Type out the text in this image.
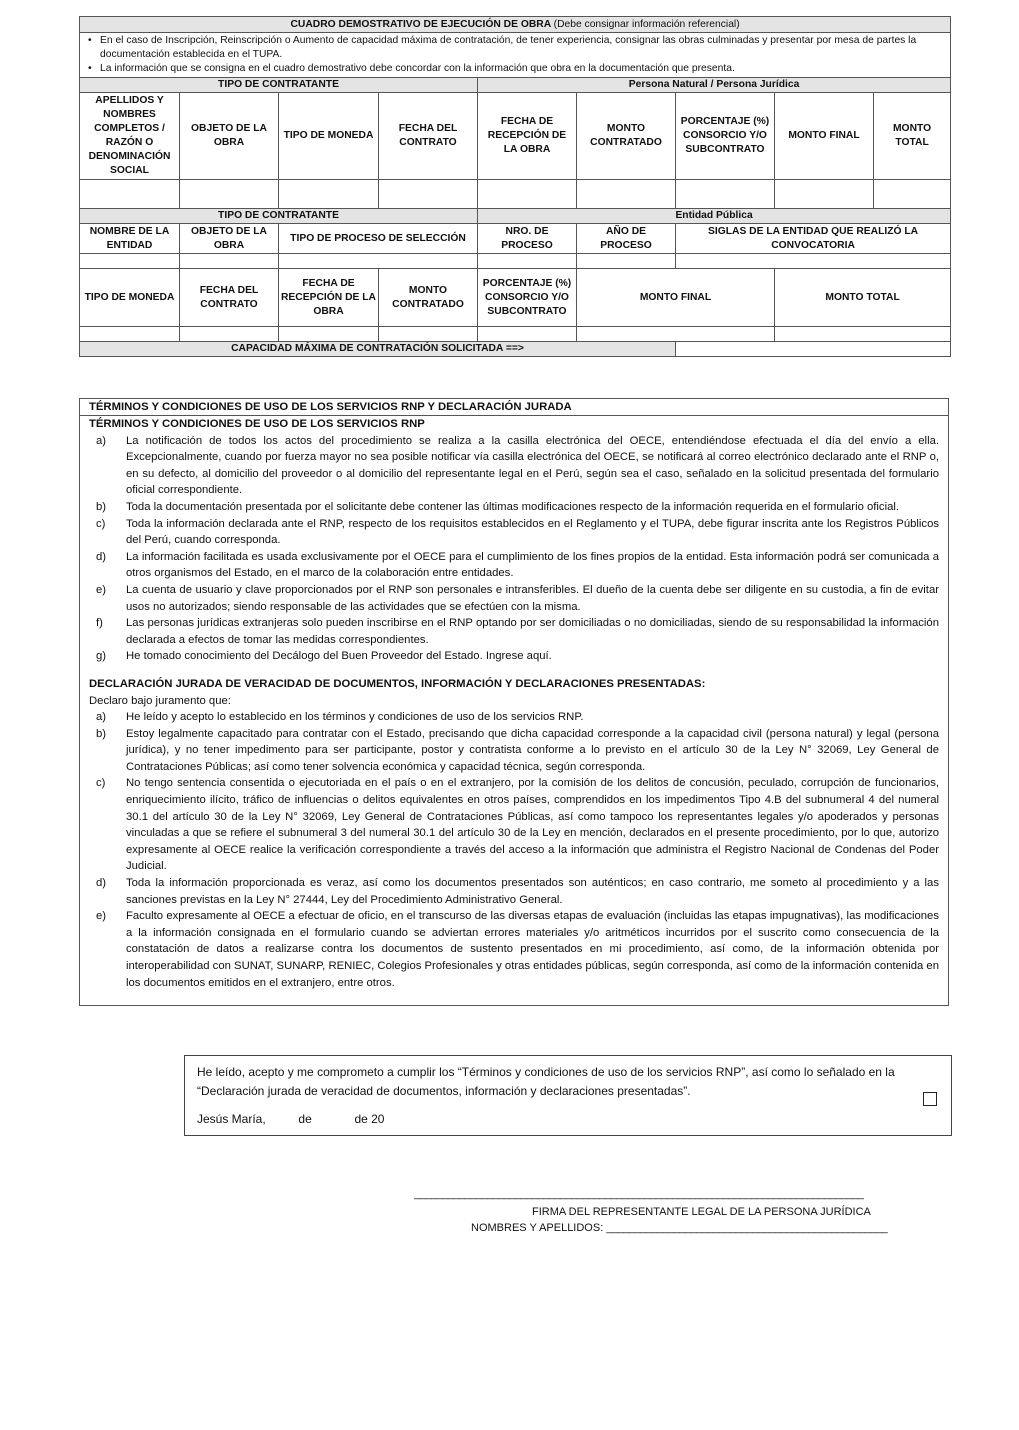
CUADRO DEMOSTRATIVO DE EJECUCIÓN DE OBRA (Debe consignar información referencial)								

• En el caso de Inscripción, Reinscripción o Aumento de capacidad máxima de contratación, de tener experiencia, consignar las obras culminadas y presentar por mesa de partes la documentación establecida en el TUPA.
• La información que se consigna en el cuadro demostrativo debe concordar con la información que obra en la documentación que presenta.								

TIPO DE CONTRATANTE				Persona Natural / Persona Jurídica				
APELLIDOS Y NOMBRES COMPLETOS / RAZÓN O DENOMINACIÓN SOCIAL	OBJETO DE LA OBRA	TIPO DE MONEDA	FECHA DEL CONTRATO	FECHA DE RECEPCIÓN DE LA OBRA	MONTO CONTRATADO	PORCENTAJE (%) CONSORCIO Y/O SUBCONTRATO	MONTO FINAL	MONTO TOTAL

TIPO DE CONTRATANTE				Entidad Pública				
NOMBRE DE LA ENTIDAD	OBJETO DE LA OBRA	TIPO DE PROCESO DE SELECCIÓN		NRO. DE PROCESO	AÑO DE PROCESO	SIGLAS DE LA ENTIDAD QUE REALIZÓ LA CONVOCATORIA		

TIPO DE MONEDA	FECHA DEL CONTRATO	FECHA DE RECEPCIÓN DE LA OBRA	MONTO CONTRATADO	PORCENTAJE (%) CONSORCIO Y/O SUBCONTRATO	MONTO FINAL		MONTO TOTAL	

CAPACIDAD MÁXIMA DE CONTRATACIÓN SOLICITADA ==>								
TÉRMINOS Y CONDICIONES DE USO DE LOS SERVICIOS RNP Y DECLARACIÓN JURADA
TÉRMINOS Y CONDICIONES DE USO DE LOS SERVICIOS RNP
a)	La notificación de todos los actos del procedimiento se realiza a la casilla electrónica del OECE, entendiéndose efectuada el día del envío a ella. Excepcionalmente, cuando por fuerza mayor no sea posible notificar vía casilla electrónica del OECE, se notificará al correo electrónico declarado ante el RNP o, en su defecto, al domicilio del proveedor o al domicilio del representante legal en el Perú, según sea el caso, señalado en la solicitud presentada del formulario oficial correspondiente.
b)	Toda la documentación presentada por el solicitante debe contener las últimas modificaciones respecto de la información requerida en el formulario oficial.
c)	Toda la información declarada ante el RNP, respecto de los requisitos establecidos en el Reglamento y el TUPA, debe figurar inscrita ante los Registros Públicos del Perú, cuando corresponda.
d)	La información facilitada es usada exclusivamente por el OECE para el cumplimiento de los fines propios de la entidad. Esta información podrá ser comunicada a otros organismos del Estado, en el marco de la colaboración entre entidades.
e)	La cuenta de usuario y clave proporcionados por el RNP son personales e intransferibles. El dueño de la cuenta debe ser diligente en su custodia, a fin de evitar usos no autorizados; siendo responsable de las actividades que se efectúen con la misma.
f)	Las personas jurídicas extranjeras solo pueden inscribirse en el RNP optando por ser domiciliadas o no domiciliadas, siendo de su responsabilidad la información declarada a efectos de tomar las medidas correspondientes.
g)	He tomado conocimiento del Decálogo del Buen Proveedor del Estado. Ingrese aquí.
DECLARACIÓN JURADA DE VERACIDAD DE DOCUMENTOS, INFORMACIÓN Y DECLARACIONES PRESENTADAS:
Declaro bajo juramento que:
a)	He leído y acepto lo establecido en los términos y condiciones de uso de los servicios RNP.
b)	Estoy legalmente capacitado para contratar con el Estado, precisando que dicha capacidad corresponde a la capacidad civil (persona natural) y legal (persona jurídica), y no tener impedimento para ser participante, postor y contratista conforme a lo previsto en el artículo 30 de la Ley N° 32069, Ley General de Contrataciones Públicas; así como tener solvencia económica y capacidad técnica, según corresponda.
c)	No tengo sentencia consentida o ejecutoriada en el país o en el extranjero, por la comisión de los delitos de concusión, peculado, corrupción de funcionarios, enriquecimiento ilícito, tráfico de influencias o delitos equivalentes en otros países, comprendidos en los impedimentos Tipo 4.B del subnumeral 4 del numeral 30.1 del artículo 30 de la Ley N° 32069, Ley General de Contrataciones Públicas, así como tampoco los representantes legales y/o apoderados y personas vinculadas a que se refiere el subnumeral 3 del numeral 30.1 del artículo 30 de la Ley en mención, declarados en el presente procedimiento, por lo que, autorizo expresamente al OECE realice la verificación correspondiente a través del acceso a la información que administra el Registro Nacional de Condenas del Poder Judicial.
d)	Toda la información proporcionada es veraz, así como los documentos presentados son auténticos; en caso contrario, me someto al procedimiento y a las sanciones previstas en la Ley N° 27444, Ley del Procedimiento Administrativo General.
e)	Faculto expresamente al OECE a efectuar de oficio, en el transcurso de las diversas etapas de evaluación (incluidas las etapas impugnativas), las modificaciones a la información consignada en el formulario cuando se adviertan errores materiales y/o aritméticos incurridos por el suscrito como consecuencia de la constatación de datos a realizarse contra los documentos de sustento presentados en mi procedimiento, así como, de la información obtenida por interoperabilidad con SUNAT, SUNARP, RENIEC, Colegios Profesionales y otras entidades públicas, según corresponda, así como de la información contenida en los documentos emitidos en el extranjero, entre otros.
He leído, acepto y me comprometo a cumplir los “Términos y condiciones de uso de los servicios RNP”, así como lo señalado en la “Declaración jurada de veracidad de documentos, información y declaraciones presentadas”.
Jesús María,	de	de 20
________________________________________________________________________________
FIRMA DEL REPRESENTANTE LEGAL DE LA PERSONA JURÍDICA
NOMBRES Y APELLIDOS: __________________________________________________
